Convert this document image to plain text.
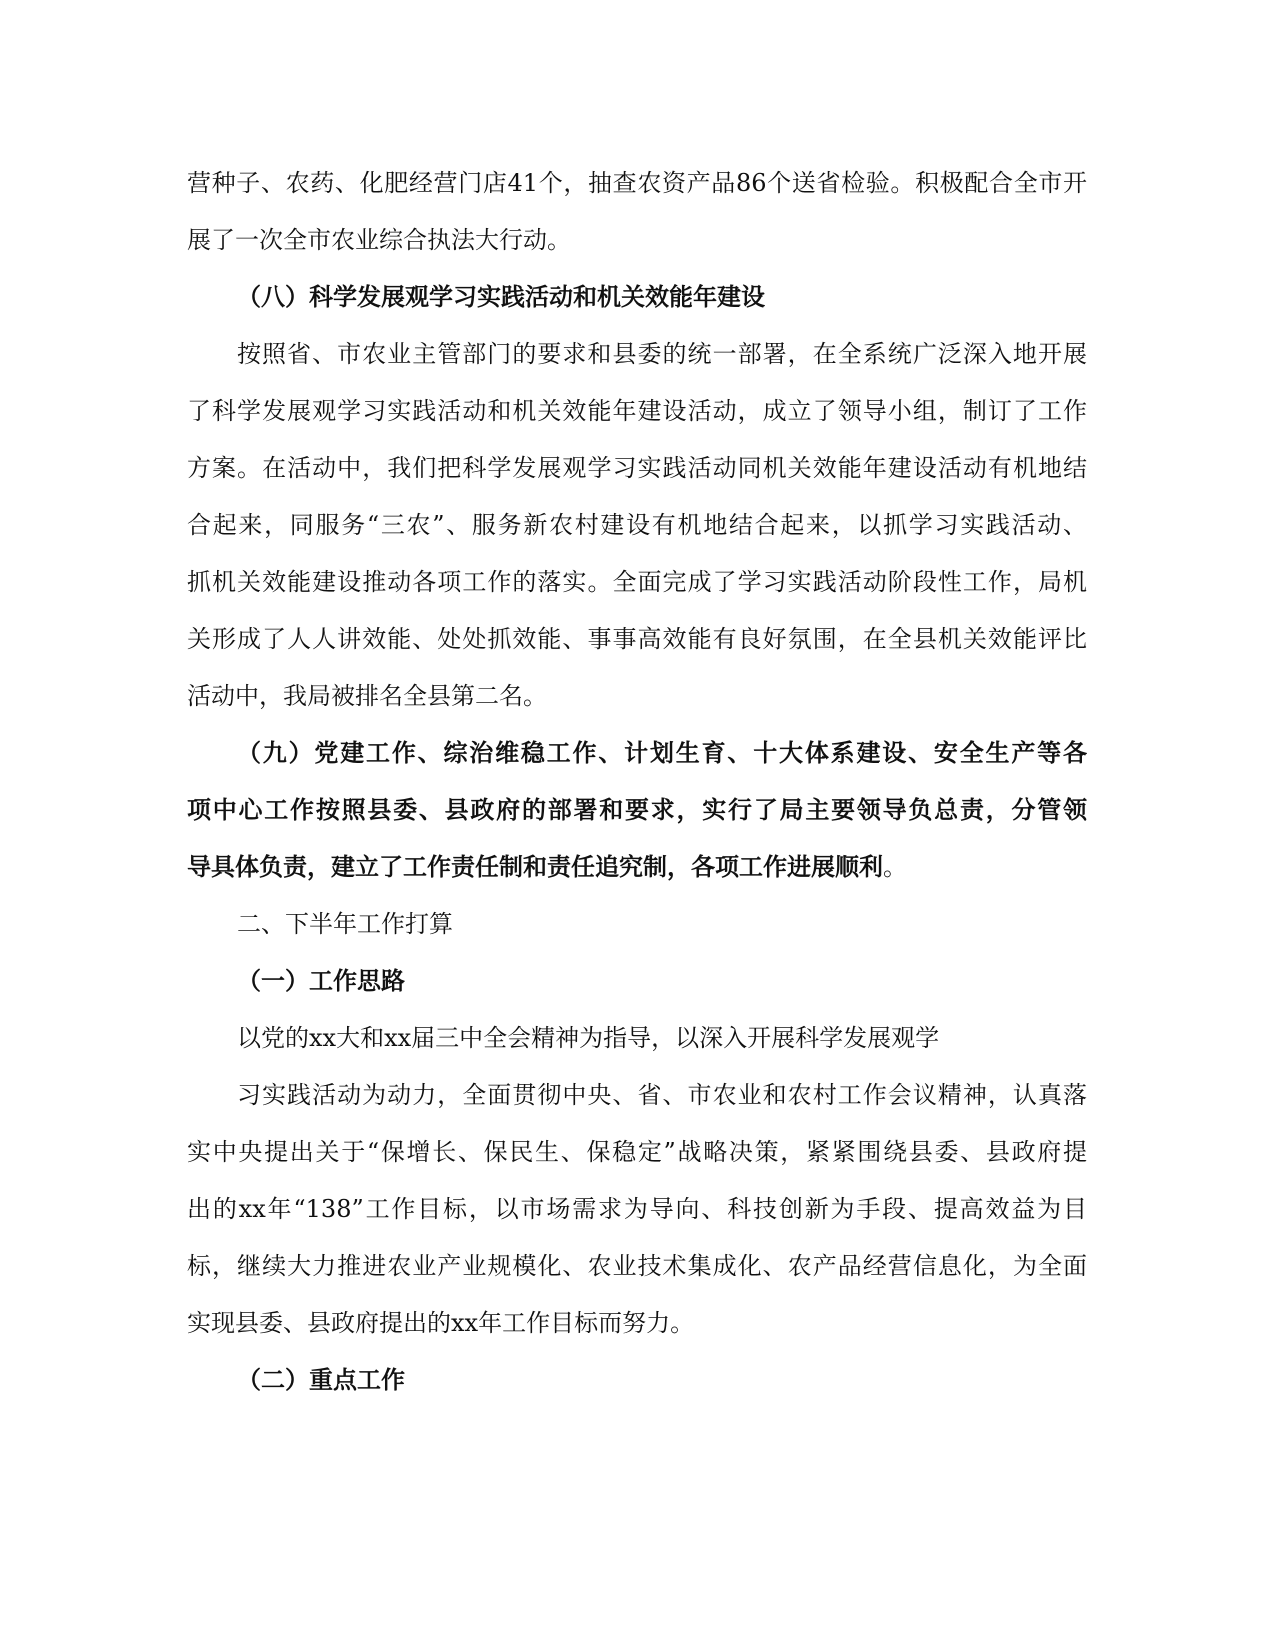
营种子、农药、化肥经营门店41个，抽查农资产品86个送省检验。积极配合全市开
展了一次全市农业综合执法大行动。
（八）科学发展观学习实践活动和机关效能年建设
按照省、市农业主管部门的要求和县委的统一部署，在全系统广泛深入地开展
了科学发展观学习实践活动和机关效能年建设活动，成立了领导小组，制订了工作
方案。在活动中，我们把科学发展观学习实践活动同机关效能年建设活动有机地结
合起来，同服务“三农”、服务新农村建设有机地结合起来，以抓学习实践活动、
抓机关效能建设推动各项工作的落实。全面完成了学习实践活动阶段性工作，局机
关形成了人人讲效能、处处抓效能、事事高效能有良好氛围，在全县机关效能评比
活动中，我局被排名全县第二名。
（九）党建工作、综治维稳工作、计划生育、十大体系建设、安全生产等各
项中心工作按照县委、县政府的部署和要求，实行了局主要领导负总责，分管领
导具体负责，建立了工作责任制和责任追究制，各项工作进展顺利。
二、下半年工作打算
（一）工作思路
以党的xx大和xx届三中全会精神为指导，以深入开展科学发展观学
习实践活动为动力，全面贯彻中央、省、市农业和农村工作会议精神，认真落
实中央提出关于“保增长、保民生、保稳定”战略决策，紧紧围绕县委、县政府提
出的xx年“138”工作目标，以市场需求为导向、科技创新为手段、提高效益为目
标，继续大力推进农业产业规模化、农业技术集成化、农产品经营信息化，为全面
实现县委、县政府提出的xx年工作目标而努力。
（二）重点工作
